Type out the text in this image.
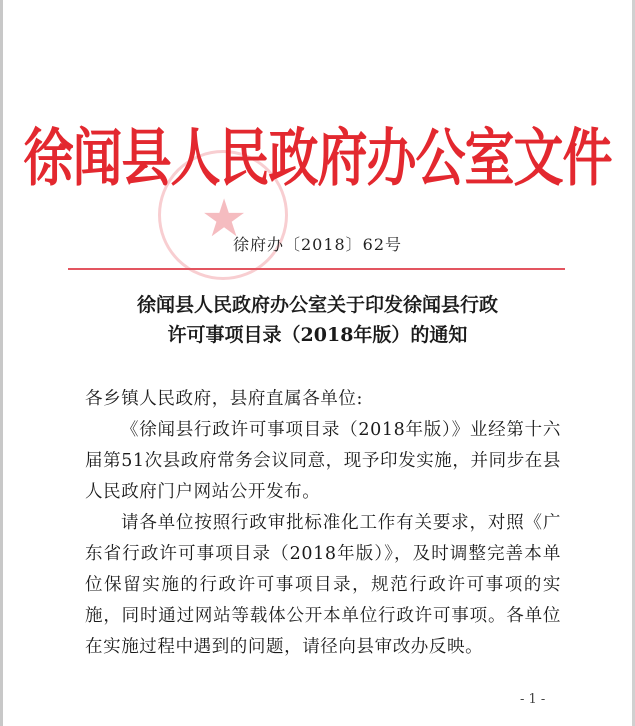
★
徐闻县人民政府办公室文件
徐府办〔2018〕62号
徐闻县人民政府办公室关于印发徐闻县行政
许可事项目录（2018年版）的通知

各乡镇人民政府，县府直属各单位:

《徐闻县行政许可事项目录（2018年版）》业经第十六届第51次县政府常务会议同意，现予印发实施，并同步在县人民政府门户网站公开发布。

请各单位按照行政审批标准化工作有关要求，对照《广东省行政许可事项目录（2018年版）》，及时调整完善本单位保留实施的行政许可事项目录，规范行政许可事项的实施，同时通过网站等载体公开本单位行政许可事项。各单位在实施过程中遇到的问题，请径向县审改办反映。

- 1 -
